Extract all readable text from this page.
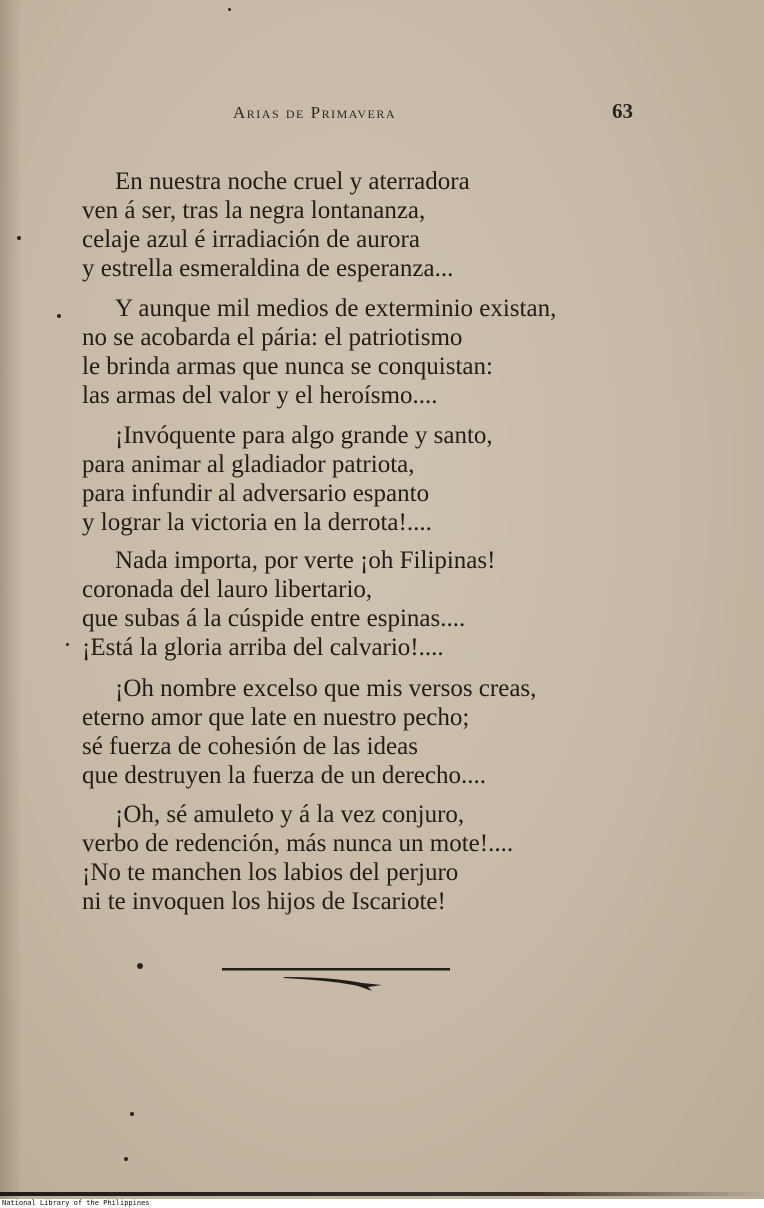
Arias de Primavera	63
En nuestra noche cruel y aterradora
ven á ser, tras la negra lontananza,
celaje azul é irradiación de aurora
y estrella esmeraldina de esperanza...
Y aunque mil medios de exterminio existan,
no se acobarda el pária: el patriotismo
le brinda armas que nunca se conquistan:
las armas del valor y el heroísmo....
¡Invóquente para algo grande y santo,
para animar al gladiador patriota,
para infundir al adversario espanto
y lograr la victoria en la derrota!....
Nada importa, por verte ¡oh Filipinas!
coronada del lauro libertario,
que subas á la cúspide entre espinas....
¡Está la gloria arriba del calvario!....
¡Oh nombre excelso que mis versos creas,
eterno amor que late en nuestro pecho;
sé fuerza de cohesión de las ideas
que destruyen la fuerza de un derecho....
¡Oh, sé amuleto y á la vez conjuro,
verbo de redención, más nunca un mote!....
¡No te manchen los labios del perjuro
ni te invoquen los hijos de Iscariote!
National Library of the Philippines
